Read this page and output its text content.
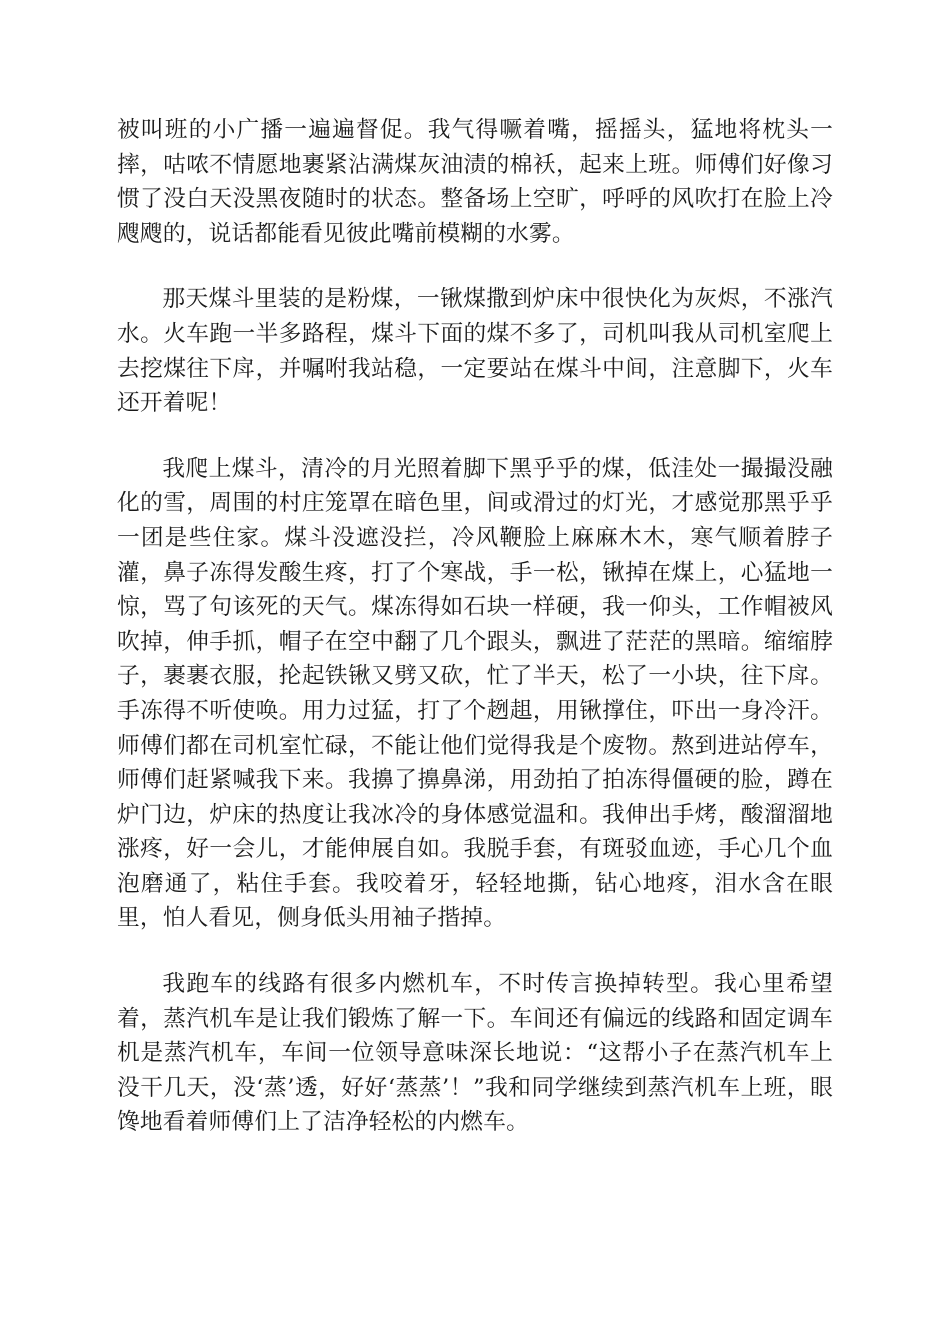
被叫班的小广播一遍遍督促。我气得噘着嘴，摇摇头，猛地将枕头一摔，咕哝不情愿地裹紧沾满煤灰油渍的棉袄，起来上班。师傅们好像习惯了没白天没黑夜随时的状态。整备场上空旷，呼呼的风吹打在脸上冷飕飕的，说话都能看见彼此嘴前模糊的水雾。

那天煤斗里装的是粉煤，一锹煤撒到炉床中很快化为灰烬，不涨汽水。火车跑一半多路程，煤斗下面的煤不多了，司机叫我从司机室爬上去挖煤往下戽，并嘱咐我站稳，一定要站在煤斗中间，注意脚下，火车还开着呢！

我爬上煤斗，清冷的月光照着脚下黑乎乎的煤，低洼处一撮撮没融化的雪，周围的村庄笼罩在暗色里，间或滑过的灯光，才感觉那黑乎乎一团是些住家。煤斗没遮没拦，冷风鞭脸上麻麻木木，寒气顺着脖子灌，鼻子冻得发酸生疼，打了个寒战，手一松，锹掉在煤上，心猛地一惊，骂了句该死的天气。煤冻得如石块一样硬，我一仰头，工作帽被风吹掉，伸手抓，帽子在空中翻了几个跟头，飘进了茫茫的黑暗。缩缩脖子，裹裹衣服，抡起铁锹又劈又砍，忙了半天，松了一小块，往下戽。手冻得不听使唤。用力过猛，打了个趔趄，用锹撑住，吓出一身冷汗。师傅们都在司机室忙碌，不能让他们觉得我是个废物。熬到进站停车，师傅们赶紧喊我下来。我擤了擤鼻涕，用劲拍了拍冻得僵硬的脸，蹲在炉门边，炉床的热度让我冰冷的身体感觉温和。我伸出手烤，酸溜溜地涨疼，好一会儿，才能伸展自如。我脱手套，有斑驳血迹，手心几个血泡磨通了，粘住手套。我咬着牙，轻轻地撕，钻心地疼，泪水含在眼里，怕人看见，侧身低头用袖子揩掉。

我跑车的线路有很多内燃机车，不时传言换掉转型。我心里希望着，蒸汽机车是让我们锻炼了解一下。车间还有偏远的线路和固定调车机是蒸汽机车，车间一位领导意味深长地说：“这帮小子在蒸汽机车上没干几天，没‘蒸’透，好好‘蒸蒸’！”我和同学继续到蒸汽机车上班，眼馋地看着师傅们上了洁净轻松的内燃车。
